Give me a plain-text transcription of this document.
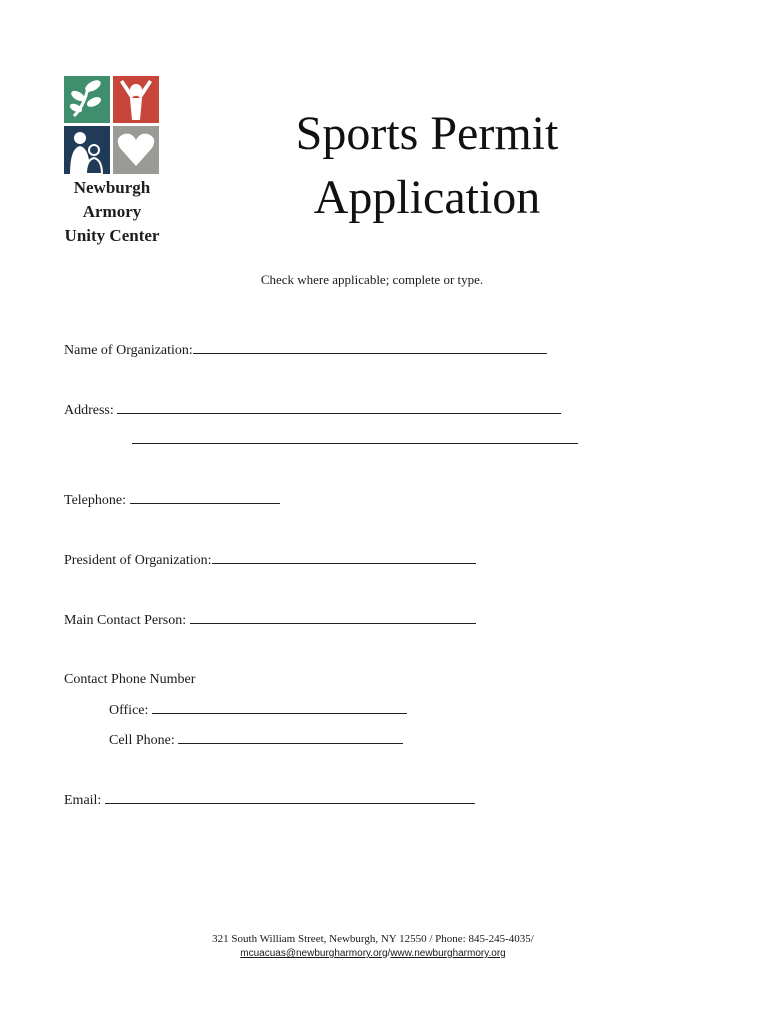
Newburgh
Armory
Unity Center
Sports Permit
Application
Check where applicable; complete or type.
Name of Organization:
Address:
Telephone:
President of Organization:
Main Contact Person:
Contact Phone Number
Office:
Cell Phone:
Email:
321 South William Street, Newburgh, NY 12550 / Phone: 845-245-4035/
mcuacuas@newburgharmory.org/www.newburgharmory.org
